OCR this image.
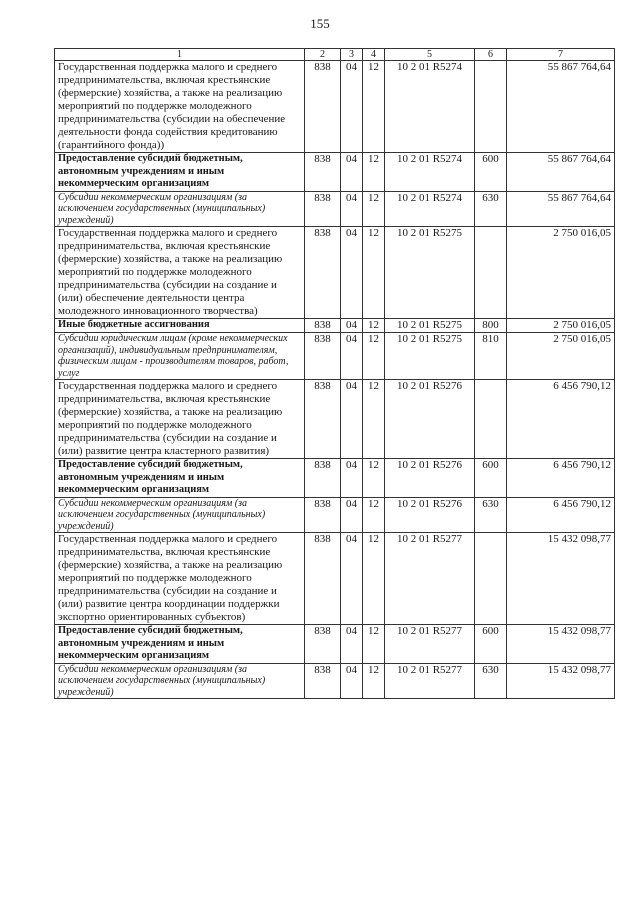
155
1	2	3	4	5	6	7
Государственная поддержка малого и среднего предпринимательства, включая крестьянские (фермерские) хозяйства, а также на реализацию мероприятий по поддержке молодежного предпринимательства (субсидии на обеспечение деятельности фонда содействия кредитованию (гарантийного фонда))	838	04	12	10 2 01 R5274		55 867 764,64
Предоставление субсидий бюджетным, автономным учреждениям и иным некоммерческим организациям	838	04	12	10 2 01 R5274	600	55 867 764,64
Субсидии некоммерческим организациям (за исключением государственных (муниципальных) учреждений)	838	04	12	10 2 01 R5274	630	55 867 764,64
Государственная поддержка малого и среднего предпринимательства, включая крестьянские (фермерские) хозяйства, а также на реализацию мероприятий по поддержке молодежного предпринимательства (субсидии на создание и (или) обеспечение деятельности центра молодежного инновационного творчества)	838	04	12	10 2 01 R5275		2 750 016,05
Иные бюджетные ассигнования	838	04	12	10 2 01 R5275	800	2 750 016,05
Субсидии юридическим лицам (кроме некоммерческих организаций), индивидуальным предпринимателям, физическим лицам - производителям товаров, работ, услуг	838	04	12	10 2 01 R5275	810	2 750 016,05
Государственная поддержка малого и среднего предпринимательства, включая крестьянские (фермерские) хозяйства, а также на реализацию мероприятий по поддержке молодежного предпринимательства (субсидии на создание и (или) развитие центра кластерного развития)	838	04	12	10 2 01 R5276		6 456 790,12
Предоставление субсидий бюджетным, автономным учреждениям и иным некоммерческим организациям	838	04	12	10 2 01 R5276	600	6 456 790,12
Субсидии некоммерческим организациям (за исключением государственных (муниципальных) учреждений)	838	04	12	10 2 01 R5276	630	6 456 790,12
Государственная поддержка малого и среднего предпринимательства, включая крестьянские (фермерские) хозяйства, а также на реализацию мероприятий по поддержке молодежного предпринимательства (субсидии на создание и (или) развитие центра координации поддержки экспортно ориентированных субъектов)	838	04	12	10 2 01 R5277		15 432 098,77
Предоставление субсидий бюджетным, автономным учреждениям и иным некоммерческим организациям	838	04	12	10 2 01 R5277	600	15 432 098,77
Субсидии некоммерческим организациям (за исключением государственных (муниципальных) учреждений)	838	04	12	10 2 01 R5277	630	15 432 098,77
